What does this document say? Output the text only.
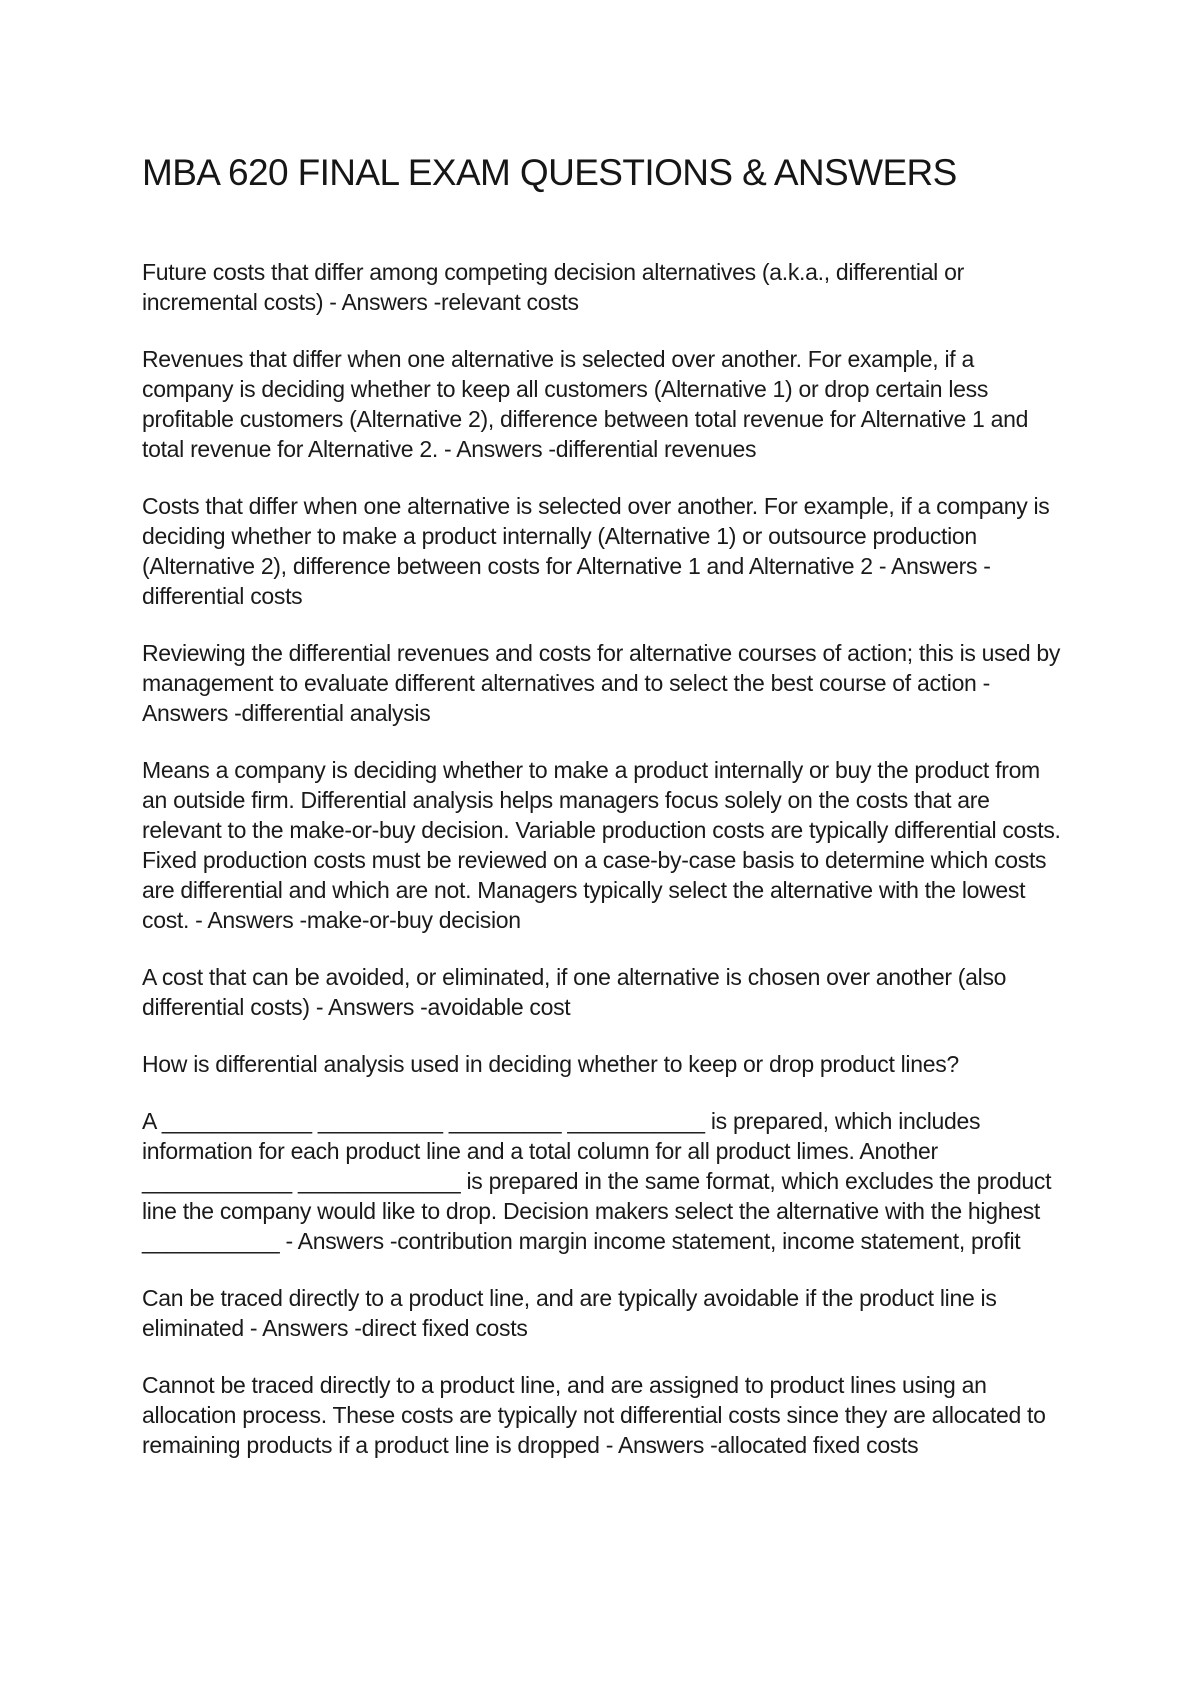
MBA 620 FINAL EXAM QUESTIONS & ANSWERS

Future costs that differ among competing decision alternatives (a.k.a., differential or incremental costs) - Answers -relevant costs

Revenues that differ when one alternative is selected over another. For example, if a company is deciding whether to keep all customers (Alternative 1) or drop certain less profitable customers (Alternative 2), difference between total revenue for Alternative 1 and total revenue for Alternative 2. - Answers -differential revenues

Costs that differ when one alternative is selected over another. For example, if a company is deciding whether to make a product internally (Alternative 1) or outsource production (Alternative 2), difference between costs for Alternative 1 and Alternative 2 - Answers -differential costs

Reviewing the differential revenues and costs for alternative courses of action; this is used by management to evaluate different alternatives and to select the best course of action - Answers -differential analysis

Means a company is deciding whether to make a product internally or buy the product from an outside firm. Differential analysis helps managers focus solely on the costs that are relevant to the make-or-buy decision. Variable production costs are typically differential costs. Fixed production costs must be reviewed on a case-by-case basis to determine which costs are differential and which are not. Managers typically select the alternative with the lowest cost. - Answers -make-or-buy decision

A cost that can be avoided, or eliminated, if one alternative is chosen over another (also differential costs) - Answers -avoidable cost

How is differential analysis used in deciding whether to keep or drop product lines?

A ____________ __________ _________ ___________ is prepared, which includes information for each product line and a total column for all product limes. Another ____________ _____________ is prepared in the same format, which excludes the product line the company would like to drop. Decision makers select the alternative with the highest ___________ - Answers -contribution margin income statement, income statement, profit

Can be traced directly to a product line, and are typically avoidable if the product line is eliminated - Answers -direct fixed costs

Cannot be traced directly to a product line, and are assigned to product lines using an allocation process. These costs are typically not differential costs since they are allocated to remaining products if a product line is dropped - Answers -allocated fixed costs
